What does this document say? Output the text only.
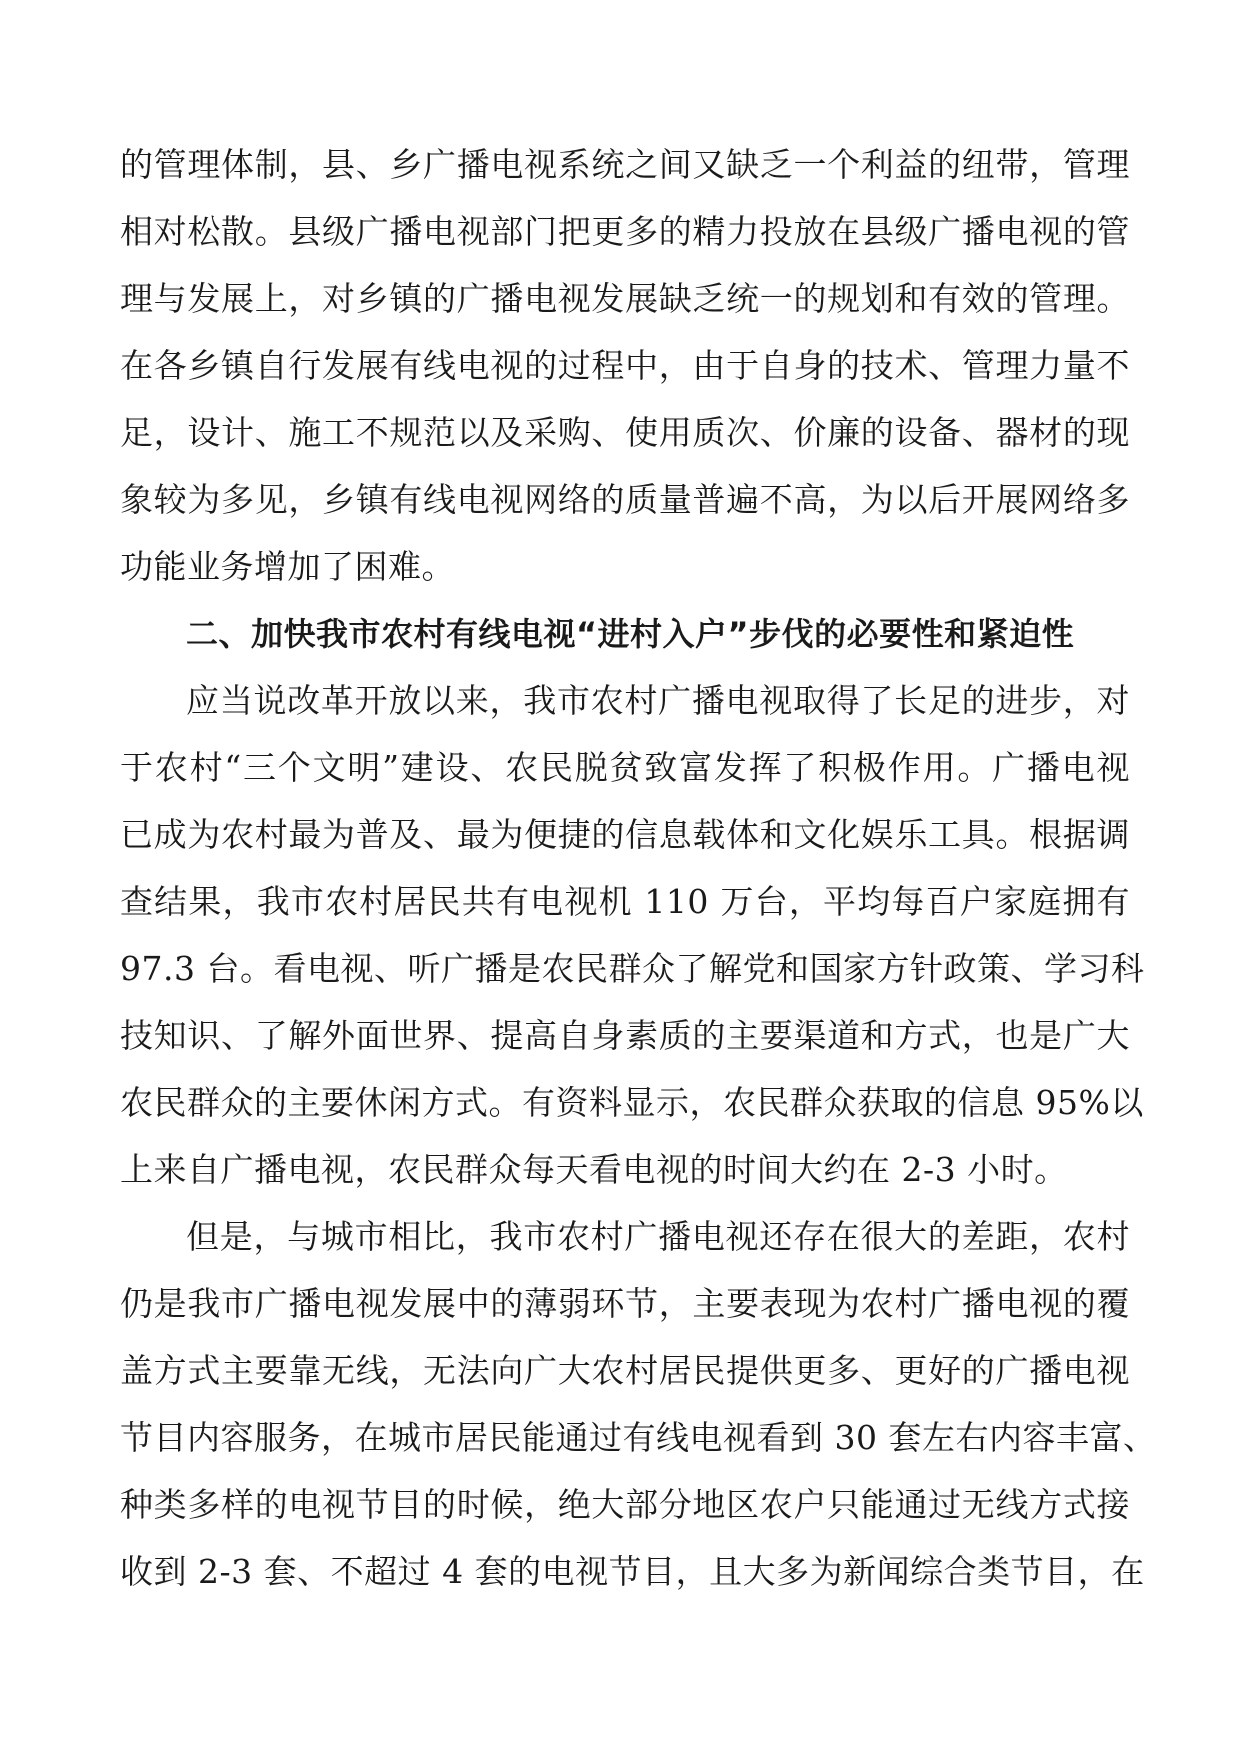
的管理体制，县、乡广播电视系统之间又缺乏一个利益的纽带，管理
相对松散。县级广播电视部门把更多的精力投放在县级广播电视的管
理与发展上，对乡镇的广播电视发展缺乏统一的规划和有效的管理。
在各乡镇自行发展有线电视的过程中，由于自身的技术、管理力量不
足，设计、施工不规范以及采购、使用质次、价廉的设备、器材的现
象较为多见，乡镇有线电视网络的质量普遍不高，为以后开展网络多
功能业务增加了困难。
二、加快我市农村有线电视“进村入户”步伐的必要性和紧迫性
应当说改革开放以来，我市农村广播电视取得了长足的进步，对
于农村“三个文明”建设、农民脱贫致富发挥了积极作用。广播电视
已成为农村最为普及、最为便捷的信息载体和文化娱乐工具。根据调
查结果，我市农村居民共有电视机 110 万台，平均每百户家庭拥有
97.3 台。看电视、听广播是农民群众了解党和国家方针政策、学习科
技知识、了解外面世界、提高自身素质的主要渠道和方式，也是广大
农民群众的主要休闲方式。有资料显示，农民群众获取的信息 95%以
上来自广播电视，农民群众每天看电视的时间大约在 2-3 小时。
但是，与城市相比，我市农村广播电视还存在很大的差距，农村
仍是我市广播电视发展中的薄弱环节，主要表现为农村广播电视的覆
盖方式主要靠无线，无法向广大农村居民提供更多、更好的广播电视
节目内容服务，在城市居民能通过有线电视看到 30 套左右内容丰富、
种类多样的电视节目的时候，绝大部分地区农户只能通过无线方式接
收到 2-3 套、不超过 4 套的电视节目，且大多为新闻综合类节目，在
